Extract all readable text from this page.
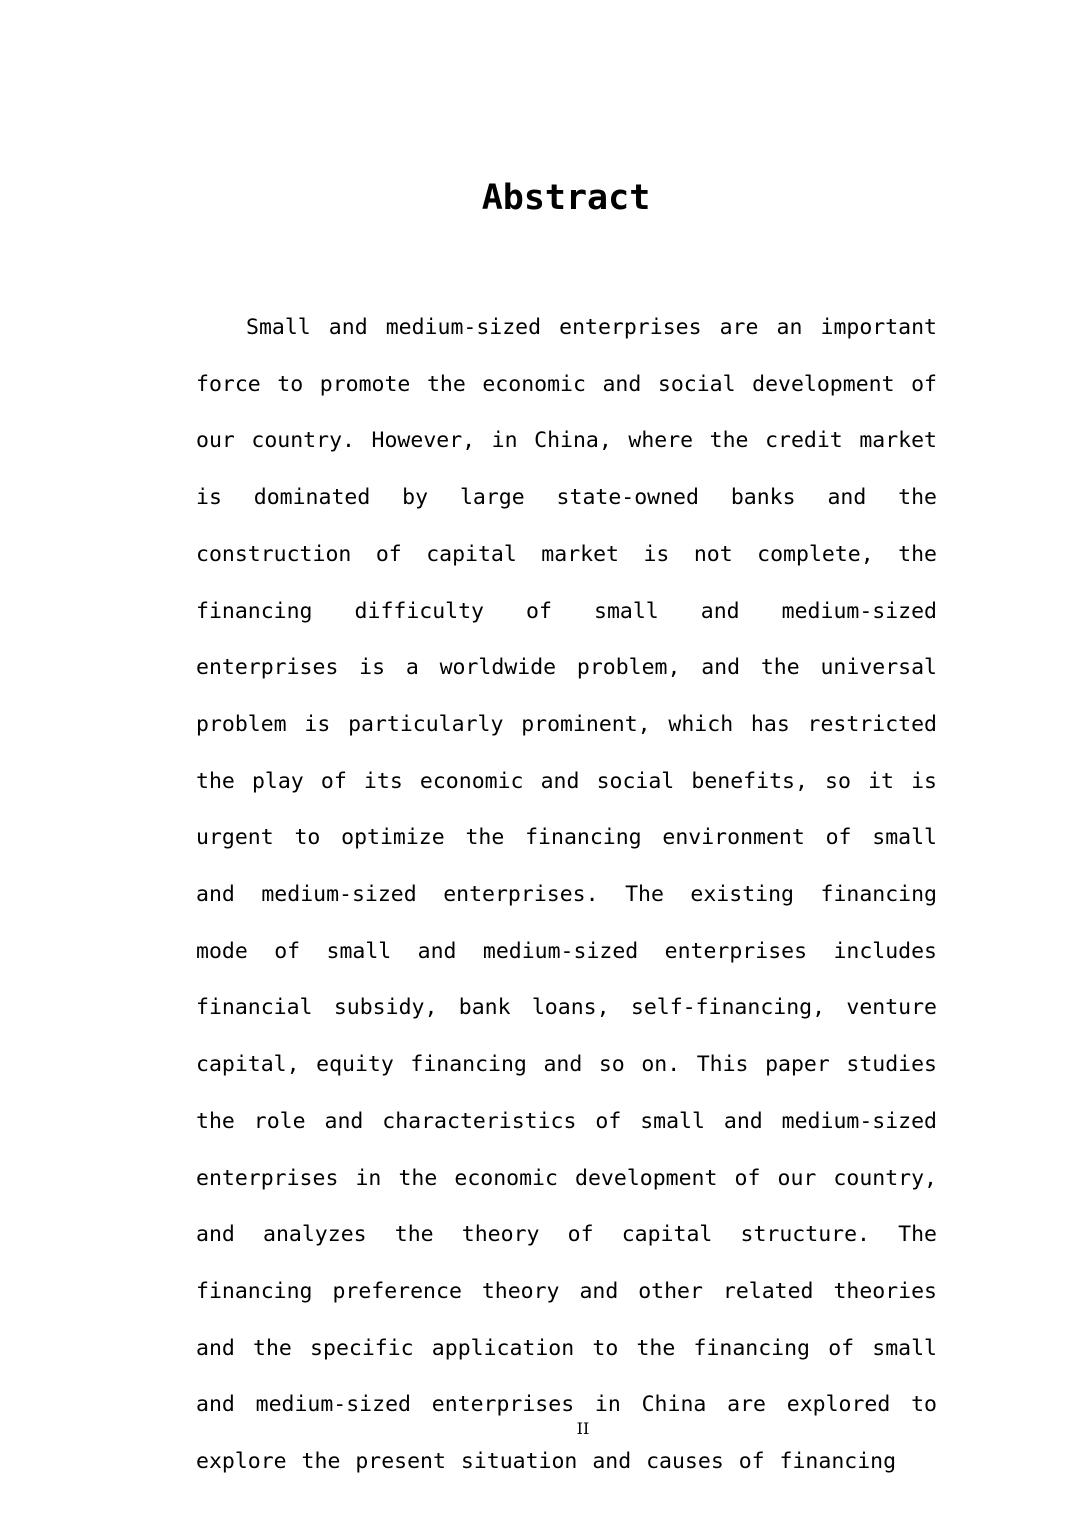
Abstract

Small and medium-sized enterprises are an important force to promote the economic and social development of our country. However, in China, where the credit market is dominated by large state-owned banks and the construction of capital market is not complete, the financing difficulty of small and medium-sized enterprises is a worldwide problem, and the universal problem is particularly prominent, which has restricted the play of its economic and social benefits, so it is urgent to optimize the financing environment of small and medium-sized enterprises. The existing financing mode of small and medium-sized enterprises includes financial subsidy, bank loans, self-financing, venture capital, equity financing and so on. This paper studies the role and characteristics of small and medium-sized enterprises in the economic development of our country, and analyzes the theory of capital structure. The financing preference theory and other related theories and the specific application to the financing of small and medium-sized enterprises in China are explored to explore the present situation and causes of financing

II
